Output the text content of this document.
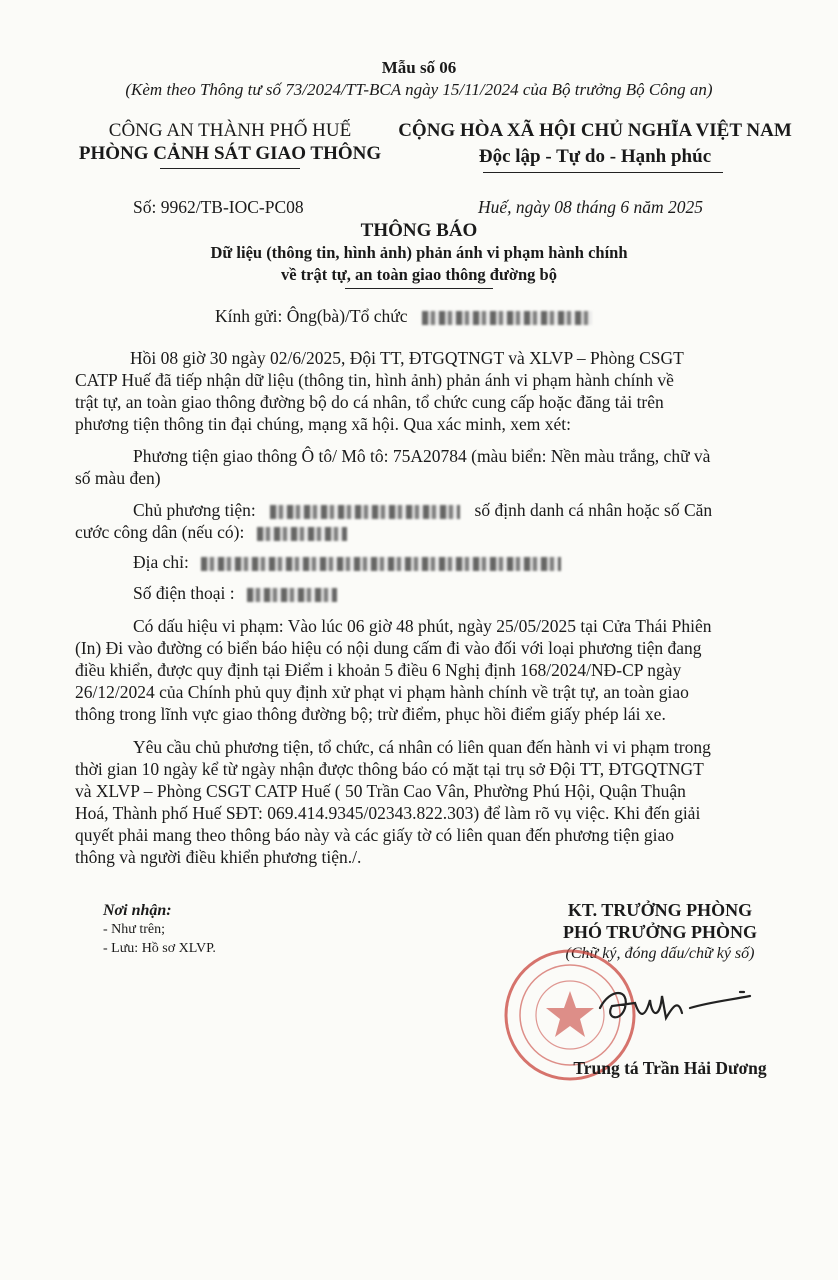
Mẫu số 06
(Kèm theo Thông tư số 73/2024/TT-BCA ngày 15/11/2024 của Bộ trưởng Bộ Công an)
CÔNG AN THÀNH PHỐ HUẾ
PHÒNG CẢNH SÁT GIAO THÔNG
CỘNG HÒA XÃ HỘI CHỦ NGHĨA VIỆT NAM
Độc lập - Tự do - Hạnh phúc
Số: 9962/TB-IOC-PC08	Huế, ngày 08 tháng 6 năm 2025
THÔNG BÁO
Dữ liệu (thông tin, hình ảnh) phản ánh vi phạm hành chính
về trật tự, an toàn giao thông đường bộ
Kính gửi: Ông(bà)/Tổ chức
Hồi 08 giờ 30 ngày 02/6/2025, Đội TT, ĐTGQTNGT và XLVP – Phòng CSGT
CATP Huế đã tiếp nhận dữ liệu (thông tin, hình ảnh) phản ánh vi phạm hành chính về
trật tự, an toàn giao thông đường bộ do cá nhân, tổ chức cung cấp hoặc đăng tải trên
phương tiện thông tin đại chúng, mạng xã hội. Qua xác minh, xem xét:
Phương tiện giao thông Ô tô/ Mô tô: 75A20784 (màu biển: Nền màu trắng, chữ và
số màu đen)
Chủ phương tiện:	số định danh cá nhân hoặc số Căn
cước công dân (nếu có):
Địa chỉ:
Số điện thoại :
Có dấu hiệu vi phạm: Vào lúc 06 giờ 48 phút, ngày 25/05/2025 tại Cửa Thái Phiên
(In) Đi vào đường có biển báo hiệu có nội dung cấm đi vào đối với loại phương tiện đang
điều khiển, được quy định tại Điểm i khoản 5 điều 6 Nghị định 168/2024/NĐ-CP ngày
26/12/2024 của Chính phủ quy định xử phạt vi phạm hành chính về trật tự, an toàn giao
thông trong lĩnh vực giao thông đường bộ; trừ điểm, phục hồi điểm giấy phép lái xe.
Yêu cầu chủ phương tiện, tổ chức, cá nhân có liên quan đến hành vi vi phạm trong
thời gian 10 ngày kể từ ngày nhận được thông báo có mặt tại trụ sở Đội TT, ĐTGQTNGT
và XLVP – Phòng CSGT CATP Huế ( 50 Trần Cao Vân, Phường Phú Hội, Quận Thuận
Hoá, Thành phố Huế SĐT: 069.414.9345/02343.822.303) để làm rõ vụ việc. Khi đến giải
quyết phải mang theo thông báo này và các giấy tờ có liên quan đến phương tiện giao
thông và người điều khiển phương tiện./.
Nơi nhận:
- Như trên;
- Lưu: Hồ sơ XLVP.
KT. TRƯỞNG PHÒNG
PHÓ TRƯỞNG PHÒNG
(Chữ ký, đóng dấu/chữ ký số)
Trung tá Trần Hải Dương
